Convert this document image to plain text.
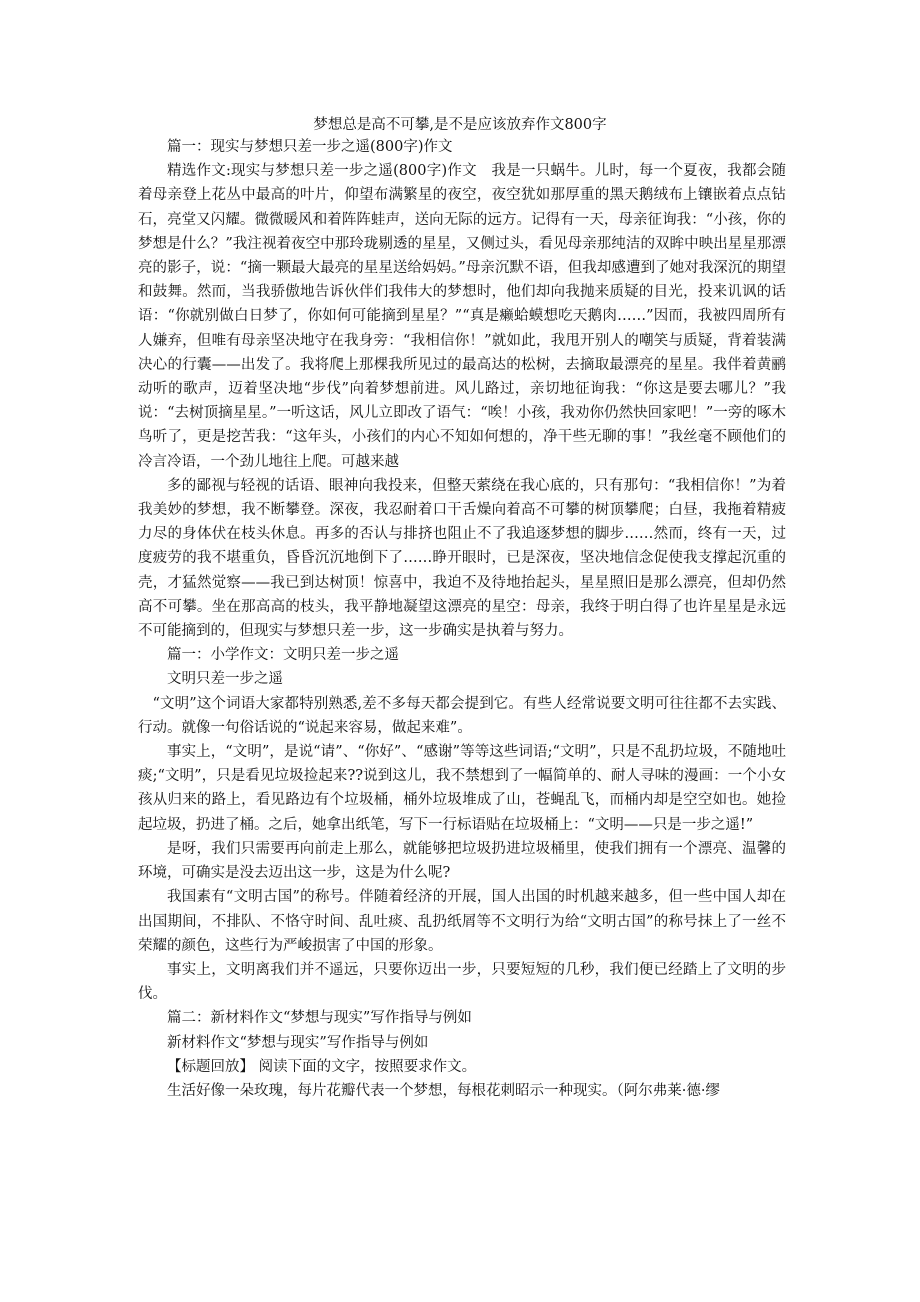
梦想总是高不可攀,是不是应该放弃作文800字

篇一：现实与梦想只差一步之遥(800字)作文

精选作文:现实与梦想只差一步之遥(800字)作文　我是一只蜗牛。儿时，每一个夏夜，我都会随着母亲登上花丛中最高的叶片，仰望布满繁星的夜空，夜空犹如那厚重的黑天鹅绒布上镶嵌着点点钻石，亮堂又闪耀。微微暖风和着阵阵蛙声，送向无际的远方。记得有一天，母亲征询我：“小孩，你的梦想是什么？”我注视着夜空中那玲珑剔透的星星，又侧过头，看见母亲那纯洁的双眸中映出星星那漂亮的影子，说：“摘一颗最大最亮的星星送给妈妈。”母亲沉默不语，但我却感遭到了她对我深沉的期望和鼓舞。然而，当我骄傲地告诉伙伴们我伟大的梦想时，他们却向我抛来质疑的目光，投来讥讽的话语：“你就别做白日梦了，你如何可能摘到星星？”“真是癞蛤蟆想吃天鹅肉……”因而，我被四周所有人嫌弃，但唯有母亲坚决地守在我身旁：“我相信你！”就如此，我甩开别人的嘲笑与质疑，背着装满决心的行囊——出发了。我将爬上那棵我所见过的最高达的松树，去摘取最漂亮的星星。我伴着黄鹂动听的歌声，迈着坚决地“步伐”向着梦想前进。风儿路过，亲切地征询我：“你这是要去哪儿？”我说：“去树顶摘星星。”一听这话，风儿立即改了语气：“唉！小孩，我劝你仍然快回家吧！”一旁的啄木鸟听了，更是挖苦我：“这年头，小孩们的内心不知如何想的，净干些无聊的事！”我丝毫不顾他们的冷言冷语，一个劲儿地往上爬。可越来越

多的鄙视与轻视的话语、眼神向我投来，但整天萦绕在我心底的，只有那句：“我相信你！”为着我美妙的梦想，我不断攀登。深夜，我忍耐着口干舌燥向着高不可攀的树顶攀爬；白昼，我拖着精疲力尽的身体伏在枝头休息。再多的否认与排挤也阻止不了我追逐梦想的脚步……然而，终有一天，过度疲劳的我不堪重负，昏昏沉沉地倒下了……睁开眼时，已是深夜，坚决地信念促使我支撑起沉重的壳，才猛然觉察——我已到达树顶！惊喜中，我迫不及待地抬起头，星星照旧是那么漂亮，但却仍然高不可攀。坐在那高高的枝头，我平静地凝望这漂亮的星空：母亲，我终于明白得了也许星星是永远不可能摘到的，但现实与梦想只差一步，这一步确实是执着与努力。

篇一：小学作文：文明只差一步之遥

文明只差一步之遥

“文明”这个词语大家都特别熟悉,差不多每天都会提到它。有些人经常说要文明可往往都不去实践、行动。就像一句俗话说的“说起来容易，做起来难”。

事实上，“文明”，是说“请”、“你好”、“感谢”等等这些词语;“文明”，只是不乱扔垃圾，不随地吐痰;“文明”，只是看见垃圾捡起来??说到这儿，我不禁想到了一幅简单的、耐人寻味的漫画：一个小女孩从归来的路上，看见路边有个垃圾桶，桶外垃圾堆成了山，苍蝇乱飞，而桶内却是空空如也。她捡起垃圾，扔进了桶。之后，她拿出纸笔，写下一行标语贴在垃圾桶上：“文明——只是一步之遥!”

是呀，我们只需要再向前走上那么，就能够把垃圾扔进垃圾桶里，使我们拥有一个漂亮、温馨的环境，可确实是没去迈出这一步，这是为什么呢?

我国素有“文明古国”的称号。伴随着经济的开展，国人出国的时机越来越多，但一些中国人却在出国期间，不排队、不恪守时间、乱吐痰、乱扔纸屑等不文明行为给“文明古国”的称号抹上了一丝不荣耀的颜色，这些行为严峻损害了中国的形象。

事实上，文明离我们并不遥远，只要你迈出一步，只要短短的几秒，我们便已经踏上了文明的步伐。

篇二：新材料作文“梦想与现实”写作指导与例如

新材料作文“梦想与现实”写作指导与例如

【标题回放】 阅读下面的文字，按照要求作文。

生活好像一朵玫瑰，每片花瓣代表一个梦想，每根花刺昭示一种现实。（阿尔弗莱·德·缪
